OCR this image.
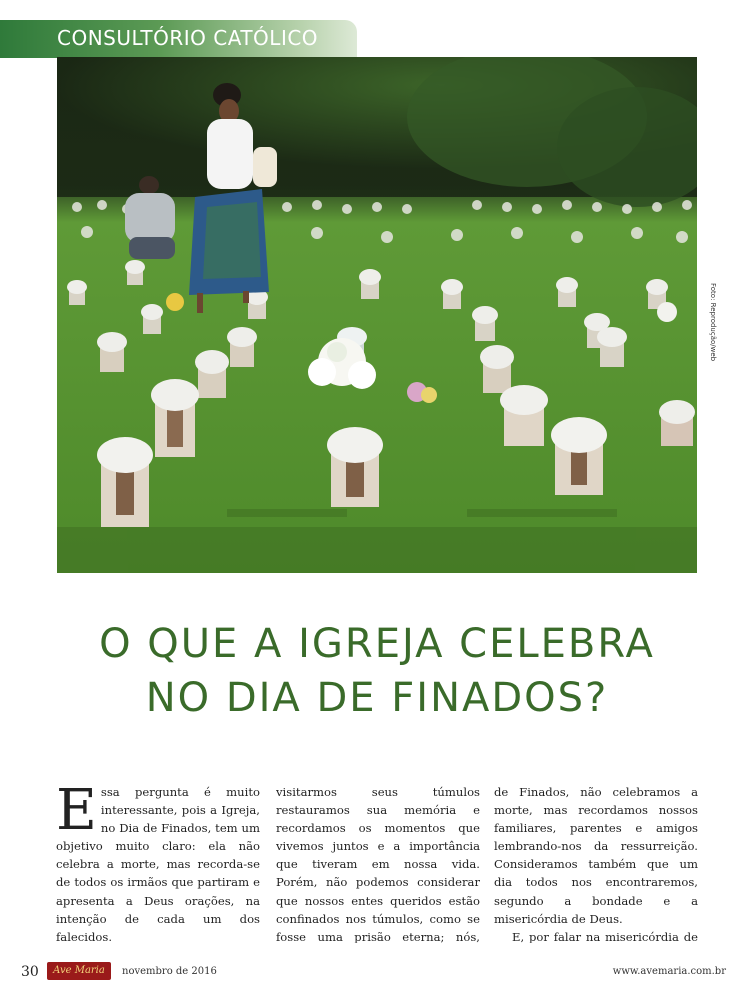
CONSULTÓRIO CATÓLICO
Foto: Reprodução/web
O QUE A IGREJA CELEBRA
NO DIA DE FINADOS?

Essa pergunta é muito interessante, pois a Igreja, no Dia de Finados, tem um objetivo muito claro: ela não celebra a morte, mas recorda-se de todos os irmãos que partiram e apresenta a Deus orações, na intenção de cada um dos falecidos.

visitarmos seus túmulos restauramos sua memória e recordamos os momentos que vivemos juntos e a importância que tiveram em nossa vida. Porém, não podemos considerar que nossos entes queridos estão confinados nos túmulos, como se fosse uma prisão eterna; nós,

de Finados, não celebramos a morte, mas recordamos nossos familiares, parentes e amigos lembrando-nos da ressurreição. Consideramos também que um dia todos nos encontraremos, segundo a bondade e a misericórdia de Deus.

E, por falar na misericórdia de

30	Ave Maria	novembro de 2016	www.avemaria.com.br
